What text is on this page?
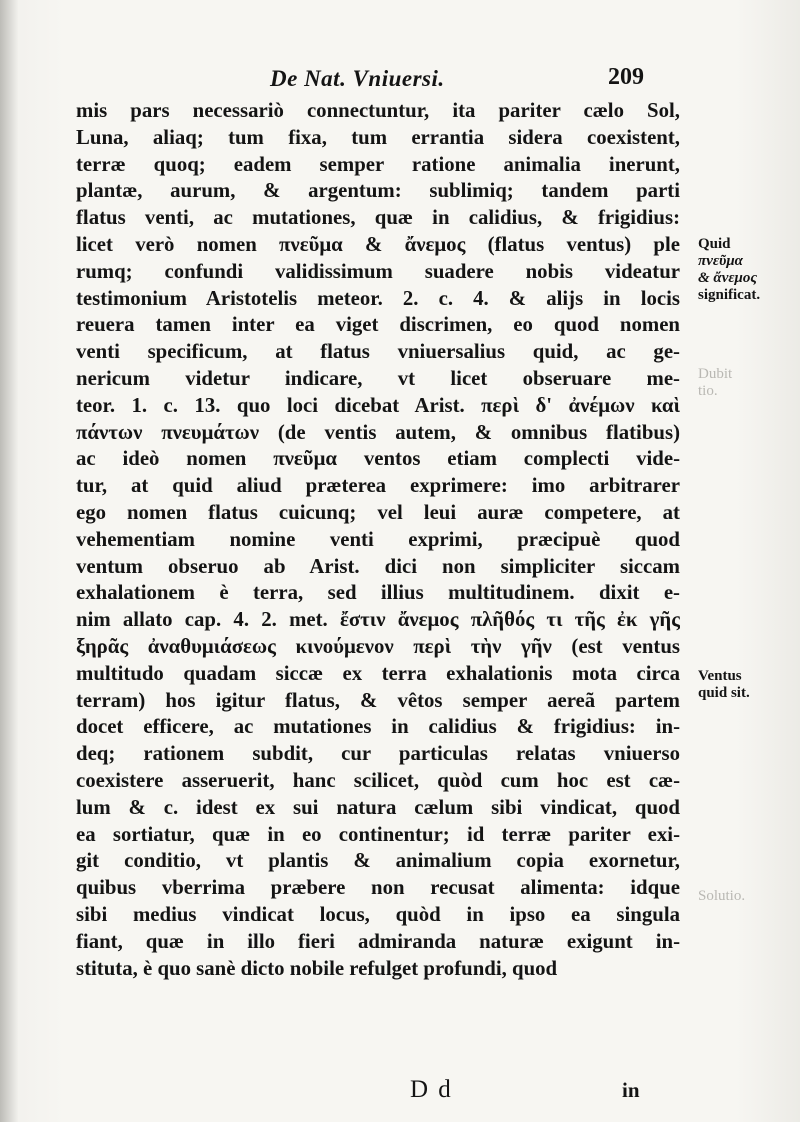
De Nat. Vniuersi.	209
mis pars necessariò connectuntur, ita pariter cælo Sol,
Luna, aliaq; tum fixa, tum errantia sidera coexistent,
terræ quoq; eadem semper ratione animalia inerunt,
plantæ, aurum, & argentum: sublimiq; tandem parti
flatus venti, ac mutationes, quæ in calidius, & frigidius:
licet verò nomen πνεῦμα & ἄνεμος (flatus ventus) ple
rumq; confundi validissimum suadere nobis videatur
testimonium Aristotelis meteor. 2. c. 4. & alijs in locis
reuera tamen inter ea viget discrimen, eo quod nomen
venti specificum, at flatus vniuersalius quid, ac ge-
nericum videtur indicare, vt licet obseruare me-
teor. 1. c. 13. quo loci dicebat Arist. περὶ δ' ἀνέμων καὶ
πάντων πνευμάτων (de ventis autem, & omnibus flatibus)
ac ideò nomen πνεῦμα ventos etiam complecti vide-
tur, at quid aliud præterea exprimere: imo arbitrarer
ego nomen flatus cuicunq; vel leui auræ competere, at
vehementiam nomine venti exprimi, præcipuè quod
ventum obseruo ab Arist. dici non simpliciter siccam
exhalationem è terra, sed illius multitudinem. dixit e-
nim allato cap. 4. 2. met. ἔστιν ἄνεμος πλῆθός τι τῆς ἐκ γῆς
ξηρᾶς ἀναθυμιάσεως κινούμενον περὶ τὴν γῆν (est ventus
multitudo quadam siccæ ex terra exhalationis mota circa
terram) hos igitur flatus, & vêtos semper aereã partem
docet efficere, ac mutationes in calidius & frigidius: in-
deq; rationem subdit, cur particulas relatas vniuerso
coexistere asseruerit, hanc scilicet, quòd cum hoc est cæ-
lum & c. idest ex sui natura cælum sibi vindicat, quod
ea sortiatur, quæ in eo continentur; id terræ pariter exi-
git conditio, vt plantis & animalium copia exornetur,
quibus vberrima præbere non recusat alimenta: idque
sibi medius vindicat locus, quòd in ipso ea singula
fiant, quæ in illo fieri admiranda naturæ exigunt in-
stituta, è quo sanè dicto nobile refulget profundi, quod
Quid
πνεῦμα
& ἄνεμος
significat.
Dubit
tio.
Ventus
quid sit.
Solutio.
D d	in
